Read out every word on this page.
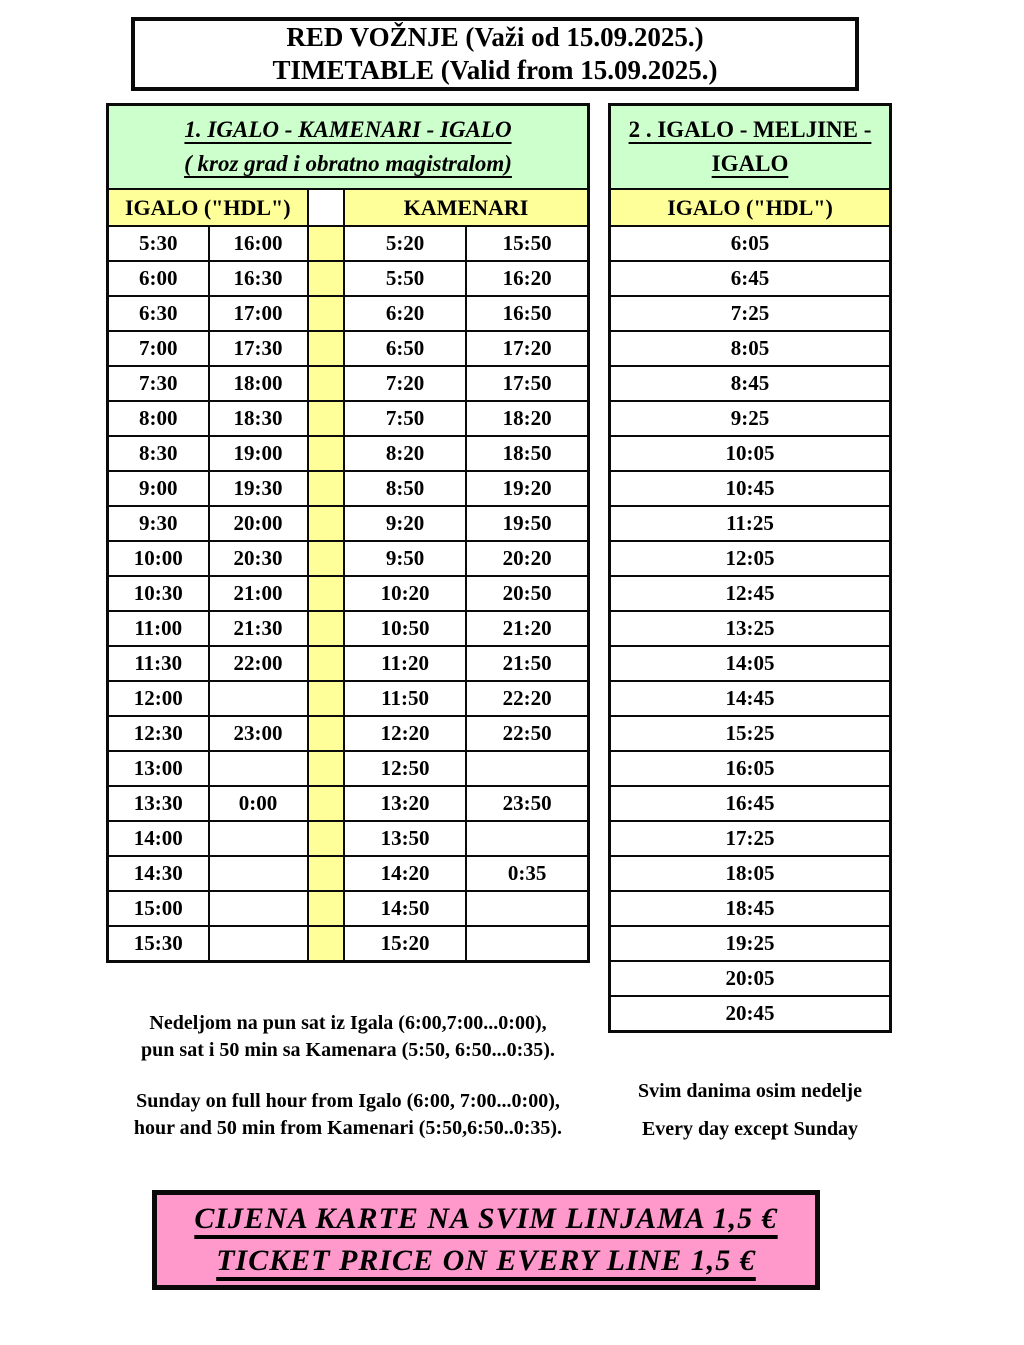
RED VOŽNJE (Važi od 15.09.2025.)
TIMETABLE (Valid from 15.09.2025.)
1. IGALO - KAMENARI - IGALO
( kroz grad i obratno magistralom)				
IGALO ("HDL")			KAMENARI	
5:30	16:00		5:20	15:50
6:00	16:30		5:50	16:20
6:30	17:00		6:20	16:50
7:00	17:30		6:50	17:20
7:30	18:00		7:20	17:50
8:00	18:30		7:50	18:20
8:30	19:00		8:20	18:50
9:00	19:30		8:50	19:20
9:30	20:00		9:20	19:50
10:00	20:30		9:50	20:20
10:30	21:00		10:20	20:50
11:00	21:30		10:50	21:20
11:30	22:00		11:20	21:50
12:00			11:50	22:20
12:30	23:00		12:20	22:50
13:00			12:50	
13:30	0:00		13:20	23:50
14:00			13:50	
14:30			14:20	0:35
15:00			14:50	
15:30			15:20	
2 . IGALO - MELJINE -
IGALO
IGALO ("HDL")
6:05
6:45
7:25
8:05
8:45
9:25
10:05
10:45
11:25
12:05
12:45
13:25
14:05
14:45
15:25
16:05
16:45
17:25
18:05
18:45
19:25
20:05
20:45
Nedeljom na pun sat iz Igala (6:00,7:00...0:00),
pun sat i 50 min sa Kamenara (5:50, 6:50...0:35).
Sunday on full hour from Igalo (6:00, 7:00...0:00),
hour and 50 min from Kamenari (5:50,6:50..0:35).
Svim danima osim nedelje
Every day except Sunday
CIJENA KARTE NA SVIM LINJAMA 1,5 €
TICKET PRICE ON EVERY LINE 1,5 €
